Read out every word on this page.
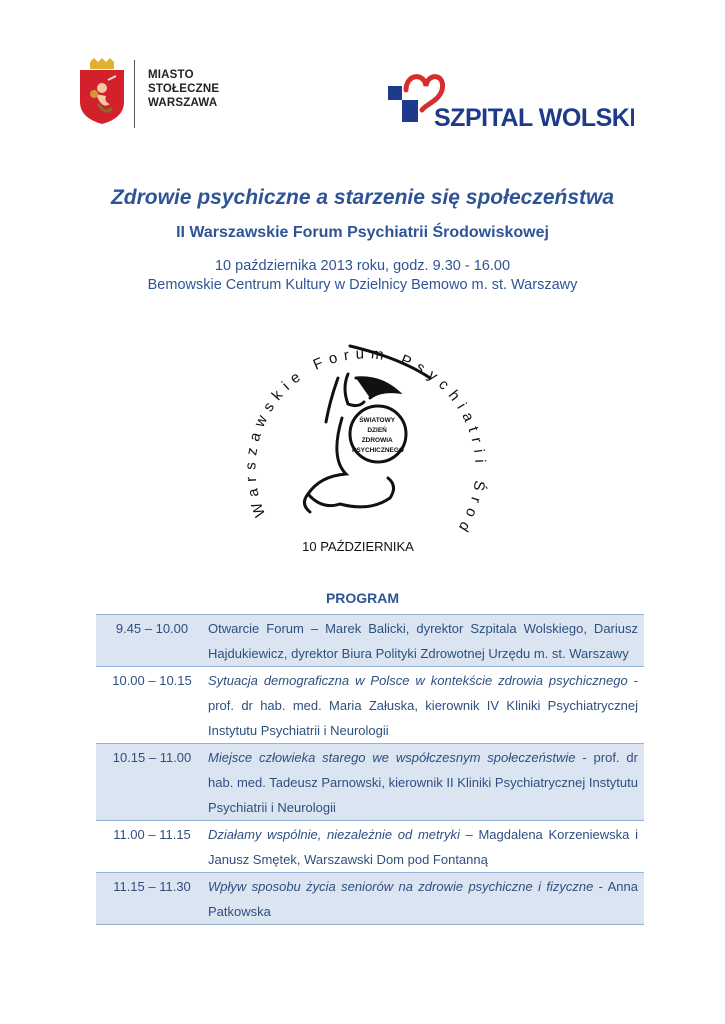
MIASTO
STOŁECZNE
WARSZAWA
SZPITAL WOLSKI
Zdrowie psychiczne a starzenie się społeczeństwa
II Warszawskie Forum Psychiatrii Środowiskowej
10 października 2013 roku, godz. 9.30 - 16.00
Bemowskie Centrum Kultury w Dzielnicy Bemowo m. st. Warszawy
Warszawskie Forum Psychiatrii Środ
ŚWIATOWY DZIEŃ ZDROWIA PSYCHICZNEGO
10 PAŹDZIERNIKA
PROGRAM
9.45 – 10.00	Otwarcie Forum – Marek Balicki, dyrektor Szpitala Wolskiego, Dariusz Hajdukiewicz, dyrektor Biura Polityki Zdrowotnej Urzędu m. st. Warszawy
10.00 – 10.15	Sytuacja demograficzna w Polsce w kontekście zdrowia psychicznego - prof. dr hab. med. Maria Załuska, kierownik IV Kliniki Psychiatrycznej Instytutu Psychiatrii i Neurologii
10.15 – 11.00	Miejsce człowieka starego we współczesnym społeczeństwie - prof. dr hab. med. Tadeusz Parnowski, kierownik II Kliniki Psychiatrycznej Instytutu Psychiatrii i Neurologii
11.00 – 11.15	Działamy wspólnie, niezależnie od metryki – Magdalena Korzeniewska i Janusz Smętek, Warszawski Dom pod Fontanną
11.15 – 11.30	Wpływ sposobu życia seniorów na zdrowie psychiczne i fizyczne - Anna Patkowska
